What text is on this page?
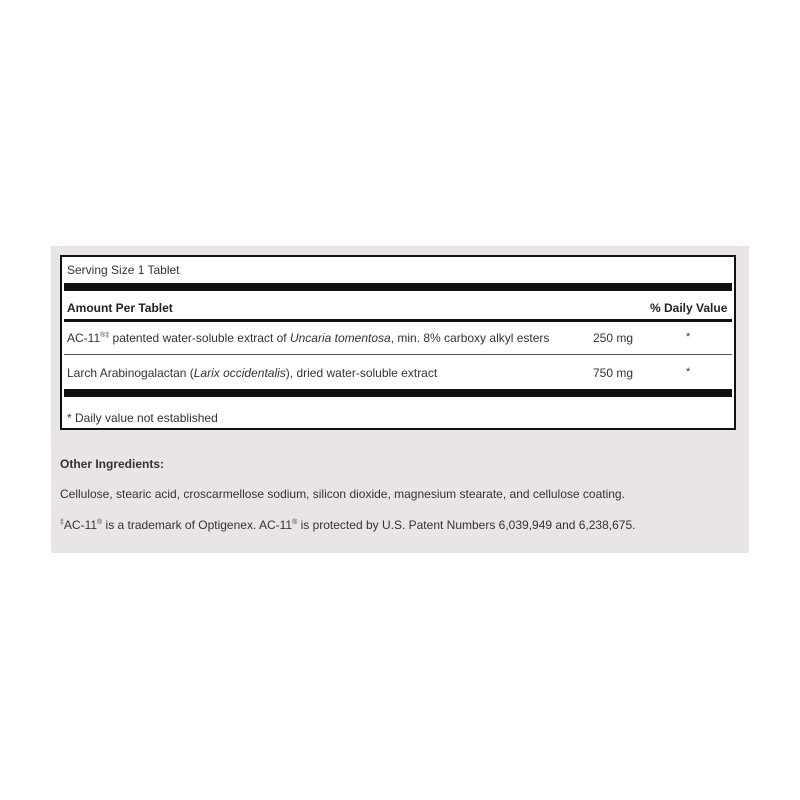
Serving Size 1 Tablet
Amount Per Tablet	% Daily Value
AC-11®‡ patented water-soluble extract of Uncaria tomentosa, min. 8% carboxy alkyl esters	250 mg	*
Larch Arabinogalactan (Larix occidentalis), dried water-soluble extract	750 mg	*
* Daily value not established
Other Ingredients:
Cellulose, stearic acid, croscarmellose sodium, silicon dioxide, magnesium stearate, and cellulose coating.
‡AC-11® is a trademark of Optigenex. AC-11® is protected by U.S. Patent Numbers 6,039,949 and 6,238,675.
